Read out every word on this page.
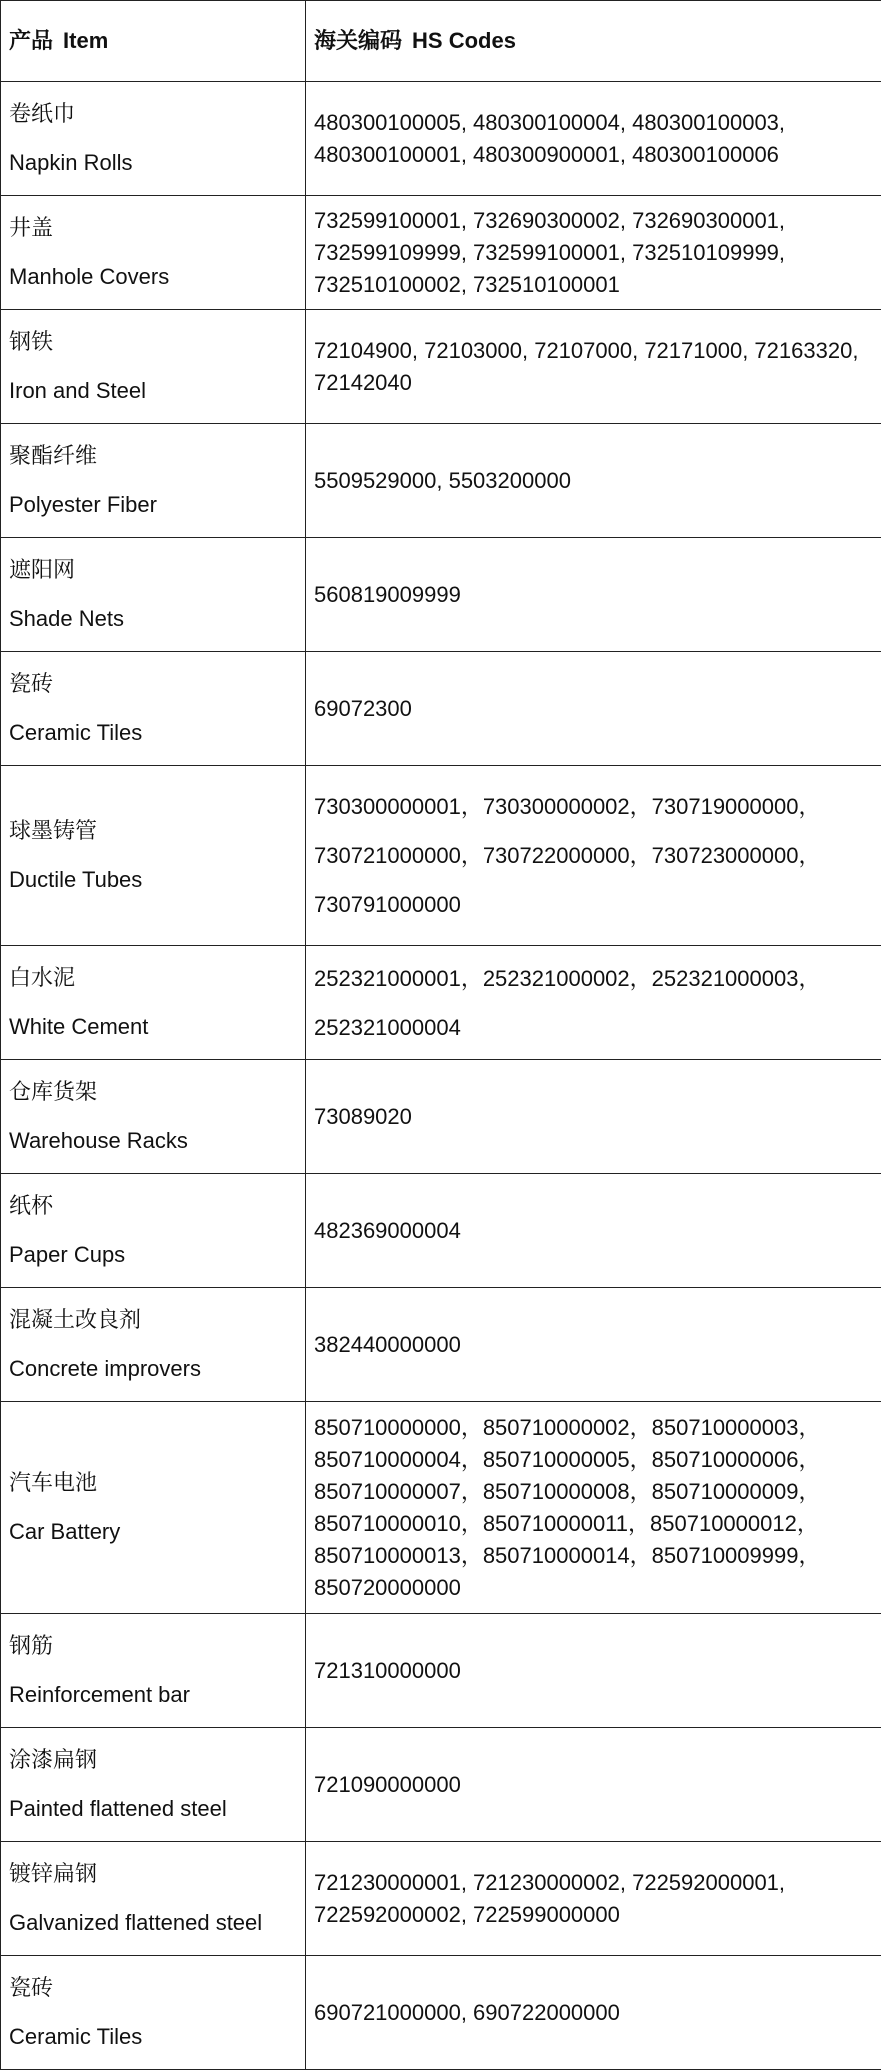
产品 Item	海关编码 HS Codes

卷纸巾
Napkin Rolls	480300100005, 480300100004, 480300100003, 480300100001, 480300900001, 480300100006

井盖
Manhole Covers	732599100001, 732690300002, 732690300001, 732599109999, 732599100001, 732510109999, 732510100002, 732510100001

钢铁
Iron and Steel	72104900, 72103000, 72107000, 72171000, 72163320, 72142040

聚酯纤维
Polyester Fiber	5509529000, 5503200000

遮阳网
Shade Nets	560819009999

瓷砖
Ceramic Tiles	69072300

球墨铸管
Ductile Tubes	730300000001，730300000002，730719000000，730721000000，730722000000，730723000000，730791000000

白水泥
White Cement	252321000001，252321000002，252321000003，252321000004

仓库货架
Warehouse Racks	73089020

纸杯
Paper Cups	482369000004

混凝土改良剂
Concrete improvers	382440000000

汽车电池
Car Battery	850710000000，850710000002，850710000003，850710000004，850710000005，850710000006，850710000007，850710000008，850710000009，850710000010，850710000011，850710000012，850710000013，850710000014，850710009999，850720000000

钢筋
Reinforcement bar	721310000000

涂漆扁钢
Painted flattened steel	721090000000

镀锌扁钢
Galvanized flattened steel	721230000001, 721230000002, 722592000001, 722592000002, 722599000000

瓷砖
Ceramic Tiles	690721000000, 690722000000
